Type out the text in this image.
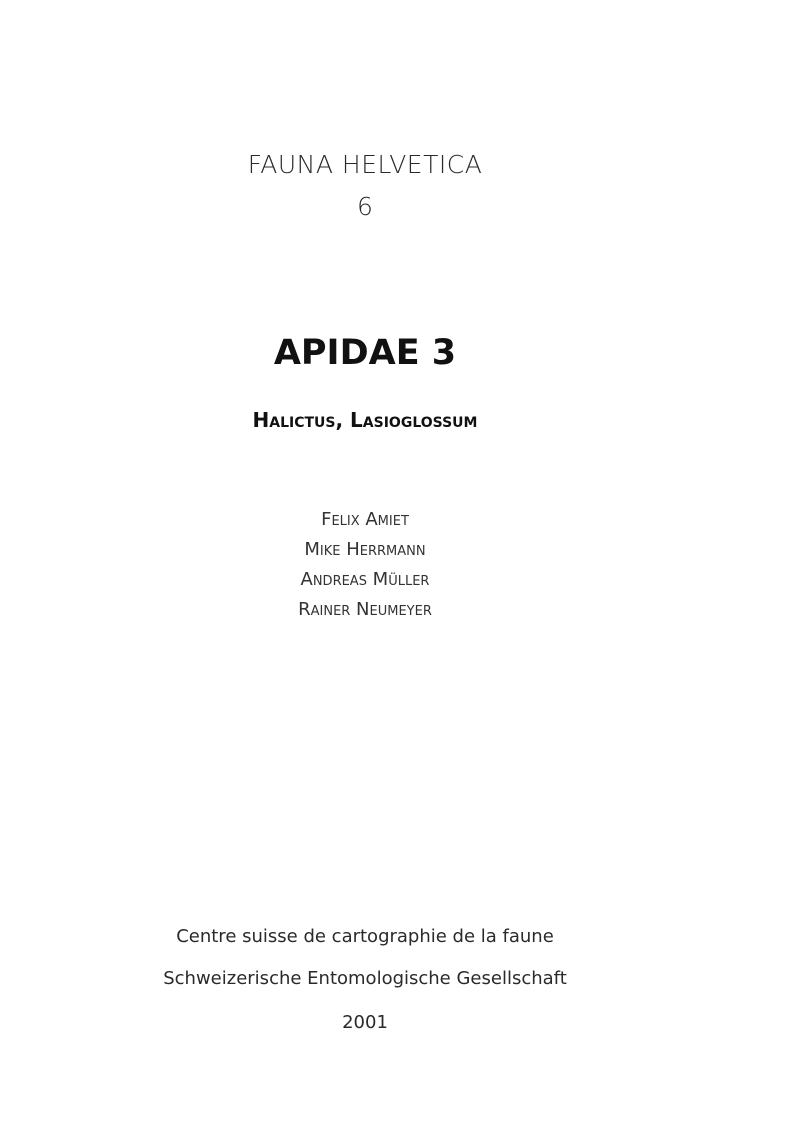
FAUNA HELVETICA
6
APIDAE 3
Halictus, Lasioglossum
Felix Amiet
Mike Herrmann
Andreas Müller
Rainer Neumeyer
Centre suisse de cartographie de la faune
Schweizerische Entomologische Gesellschaft
2001
